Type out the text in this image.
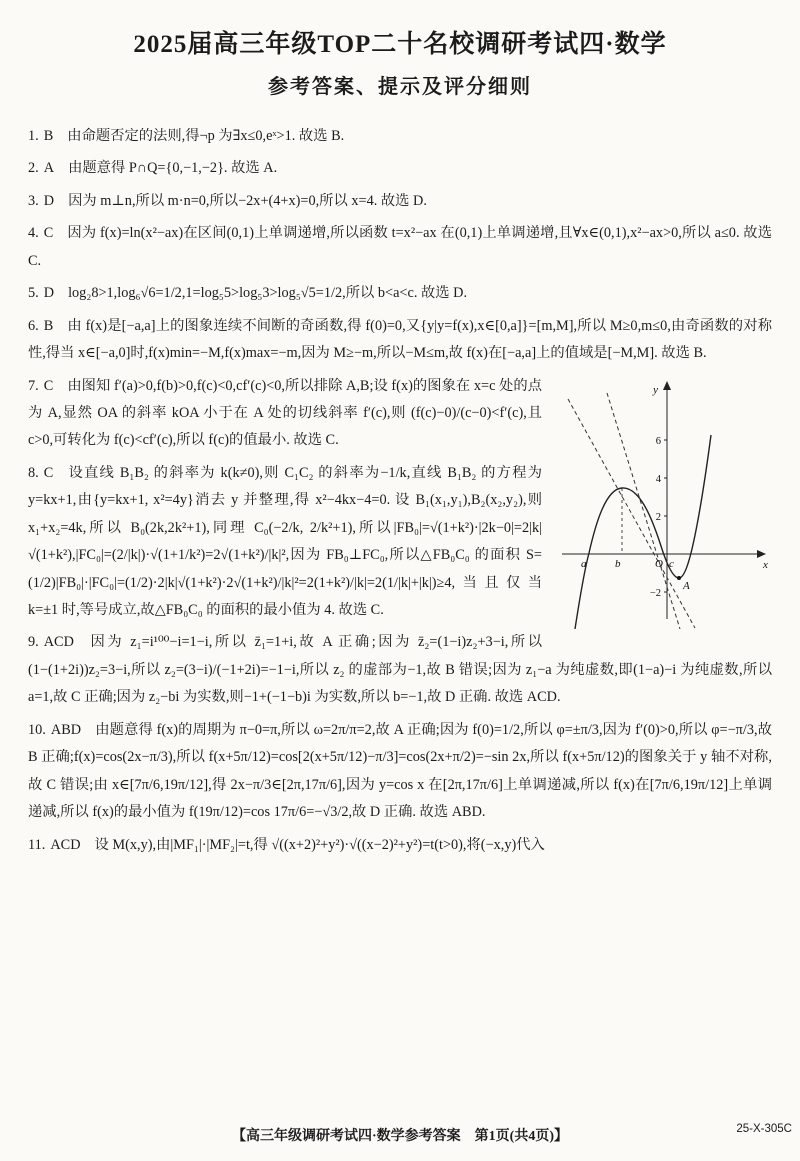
2025届高三年级TOP二十名校调研考试四·数学
参考答案、提示及评分细则

1. B 由命题否定的法则,得¬p 为∃x≤0,eˣ>1. 故选 B.

2. A 由题意得 P∩Q={0,−1,−2}. 故选 A.

3. D 因为 m⊥n,所以 m·n=0,所以−2x+(4+x)=0,所以 x=4. 故选 D.

4. C 因为 f(x)=ln(x²−ax)在区间(0,1)上单调递增,所以函数 t=x²−ax 在(0,1)上单调递增,且∀x∈(0,1),x²−ax>0,所以 a≤0. 故选 C.

5. D log₂8>1,log₆√6=1/2,1=log₅5>log₅3>log₅√5=1/2,所以 b<a<c. 故选 D.

6. B 由 f(x)是[−a,a]上的图象连续不间断的奇函数,得 f(0)=0,又{y|y=f(x),x∈[0,a]}=[m,M],所以 M≥0,m≤0,由奇函数的对称性,得当 x∈[−a,0]时,f(x)min=−M,f(x)max=−m,因为 M≥−m,所以−M≤m,故 f(x)在[−a,a]上的值域是[−M,M]. 故选 B.

6
4
2
−2
y
x
a	b	O c
A

7. C 由图知 f′(a)>0,f(b)>0,f(c)<0,cf′(c)<0,所以排除 A,B;设 f(x)的图象在 x=c 处的点为 A,显然 OA 的斜率 kOA 小于在 A 处的切线斜率 f′(c),则 (f(c)−0)/(c−0)<f′(c),且 c>0,可转化为 f(c)<cf′(c),所以 f(c)的值最小. 故选 C.

8. C 设直线 B₁B₂ 的斜率为 k(k≠0),则 C₁C₂ 的斜率为−1/k,直线 B₁B₂ 的方程为 y=kx+1,由{y=kx+1, x²=4y}消去 y 并整理,得 x²−4kx−4=0. 设 B₁(x₁,y₁),B₂(x₂,y₂),则 x₁+x₂=4k,所以 B₀(2k,2k²+1),同理 C₀(−2/k, 2/k²+1),所以|FB₀|=√(1+k²)·|2k−0|=2|k|√(1+k²),|FC₀|=(2/|k|)·√(1+1/k²)=2√(1+k²)/|k|²,因为 FB₀⊥FC₀,所以△FB₀C₀ 的面积 S=(1/2)|FB₀|·|FC₀|=(1/2)·2|k|√(1+k²)·2√(1+k²)/|k|²=2(1+k²)/|k|=2(1/|k|+|k|)≥4,当且仅当 k=±1 时,等号成立,故△FB₀C₀ 的面积的最小值为 4. 故选 C.

9. ACD 因为 z₁=i¹⁰⁰−i=1−i,所以 z̄₁=1+i,故 A 正确;因为 z̄₂=(1−i)z₂+3−i,所以(1−(1+2i))z₂=3−i,所以 z₂=(3−i)/(−1+2i)=−1−i,所以 z₂ 的虚部为−1,故 B 错误;因为 z₁−a 为纯虚数,即(1−a)−i 为纯虚数,所以 a=1,故 C 正确;因为 z₂−bi 为实数,则−1+(−1−b)i 为实数,所以 b=−1,故 D 正确. 故选 ACD.

10. ABD 由题意得 f(x)的周期为 π−0=π,所以 ω=2π/π=2,故 A 正确;因为 f(0)=1/2,所以 φ=±π/3,因为 f′(0)>0,所以 φ=−π/3,故 B 正确;f(x)=cos(2x−π/3),所以 f(x+5π/12)=cos[2(x+5π/12)−π/3]=cos(2x+π/2)=−sin 2x,所以 f(x+5π/12)的图象关于 y 轴不对称,故 C 错误;由 x∈[7π/6,19π/12],得 2x−π/3∈[2π,17π/6],因为 y=cos x 在[2π,17π/6]上单调递减,所以 f(x)在[7π/6,19π/12]上单调递减,所以 f(x)的最小值为 f(19π/12)=cos 17π/6=−√3/2,故 D 正确. 故选 ABD.

11. ACD 设 M(x,y),由|MF₁|·|MF₂|=t,得 √((x+2)²+y²)·√((x−2)²+y²)=t(t>0),将(−x,y)代入

【高三年级调研考试四·数学参考答案　第1页(共4页)】	25-X-305C
